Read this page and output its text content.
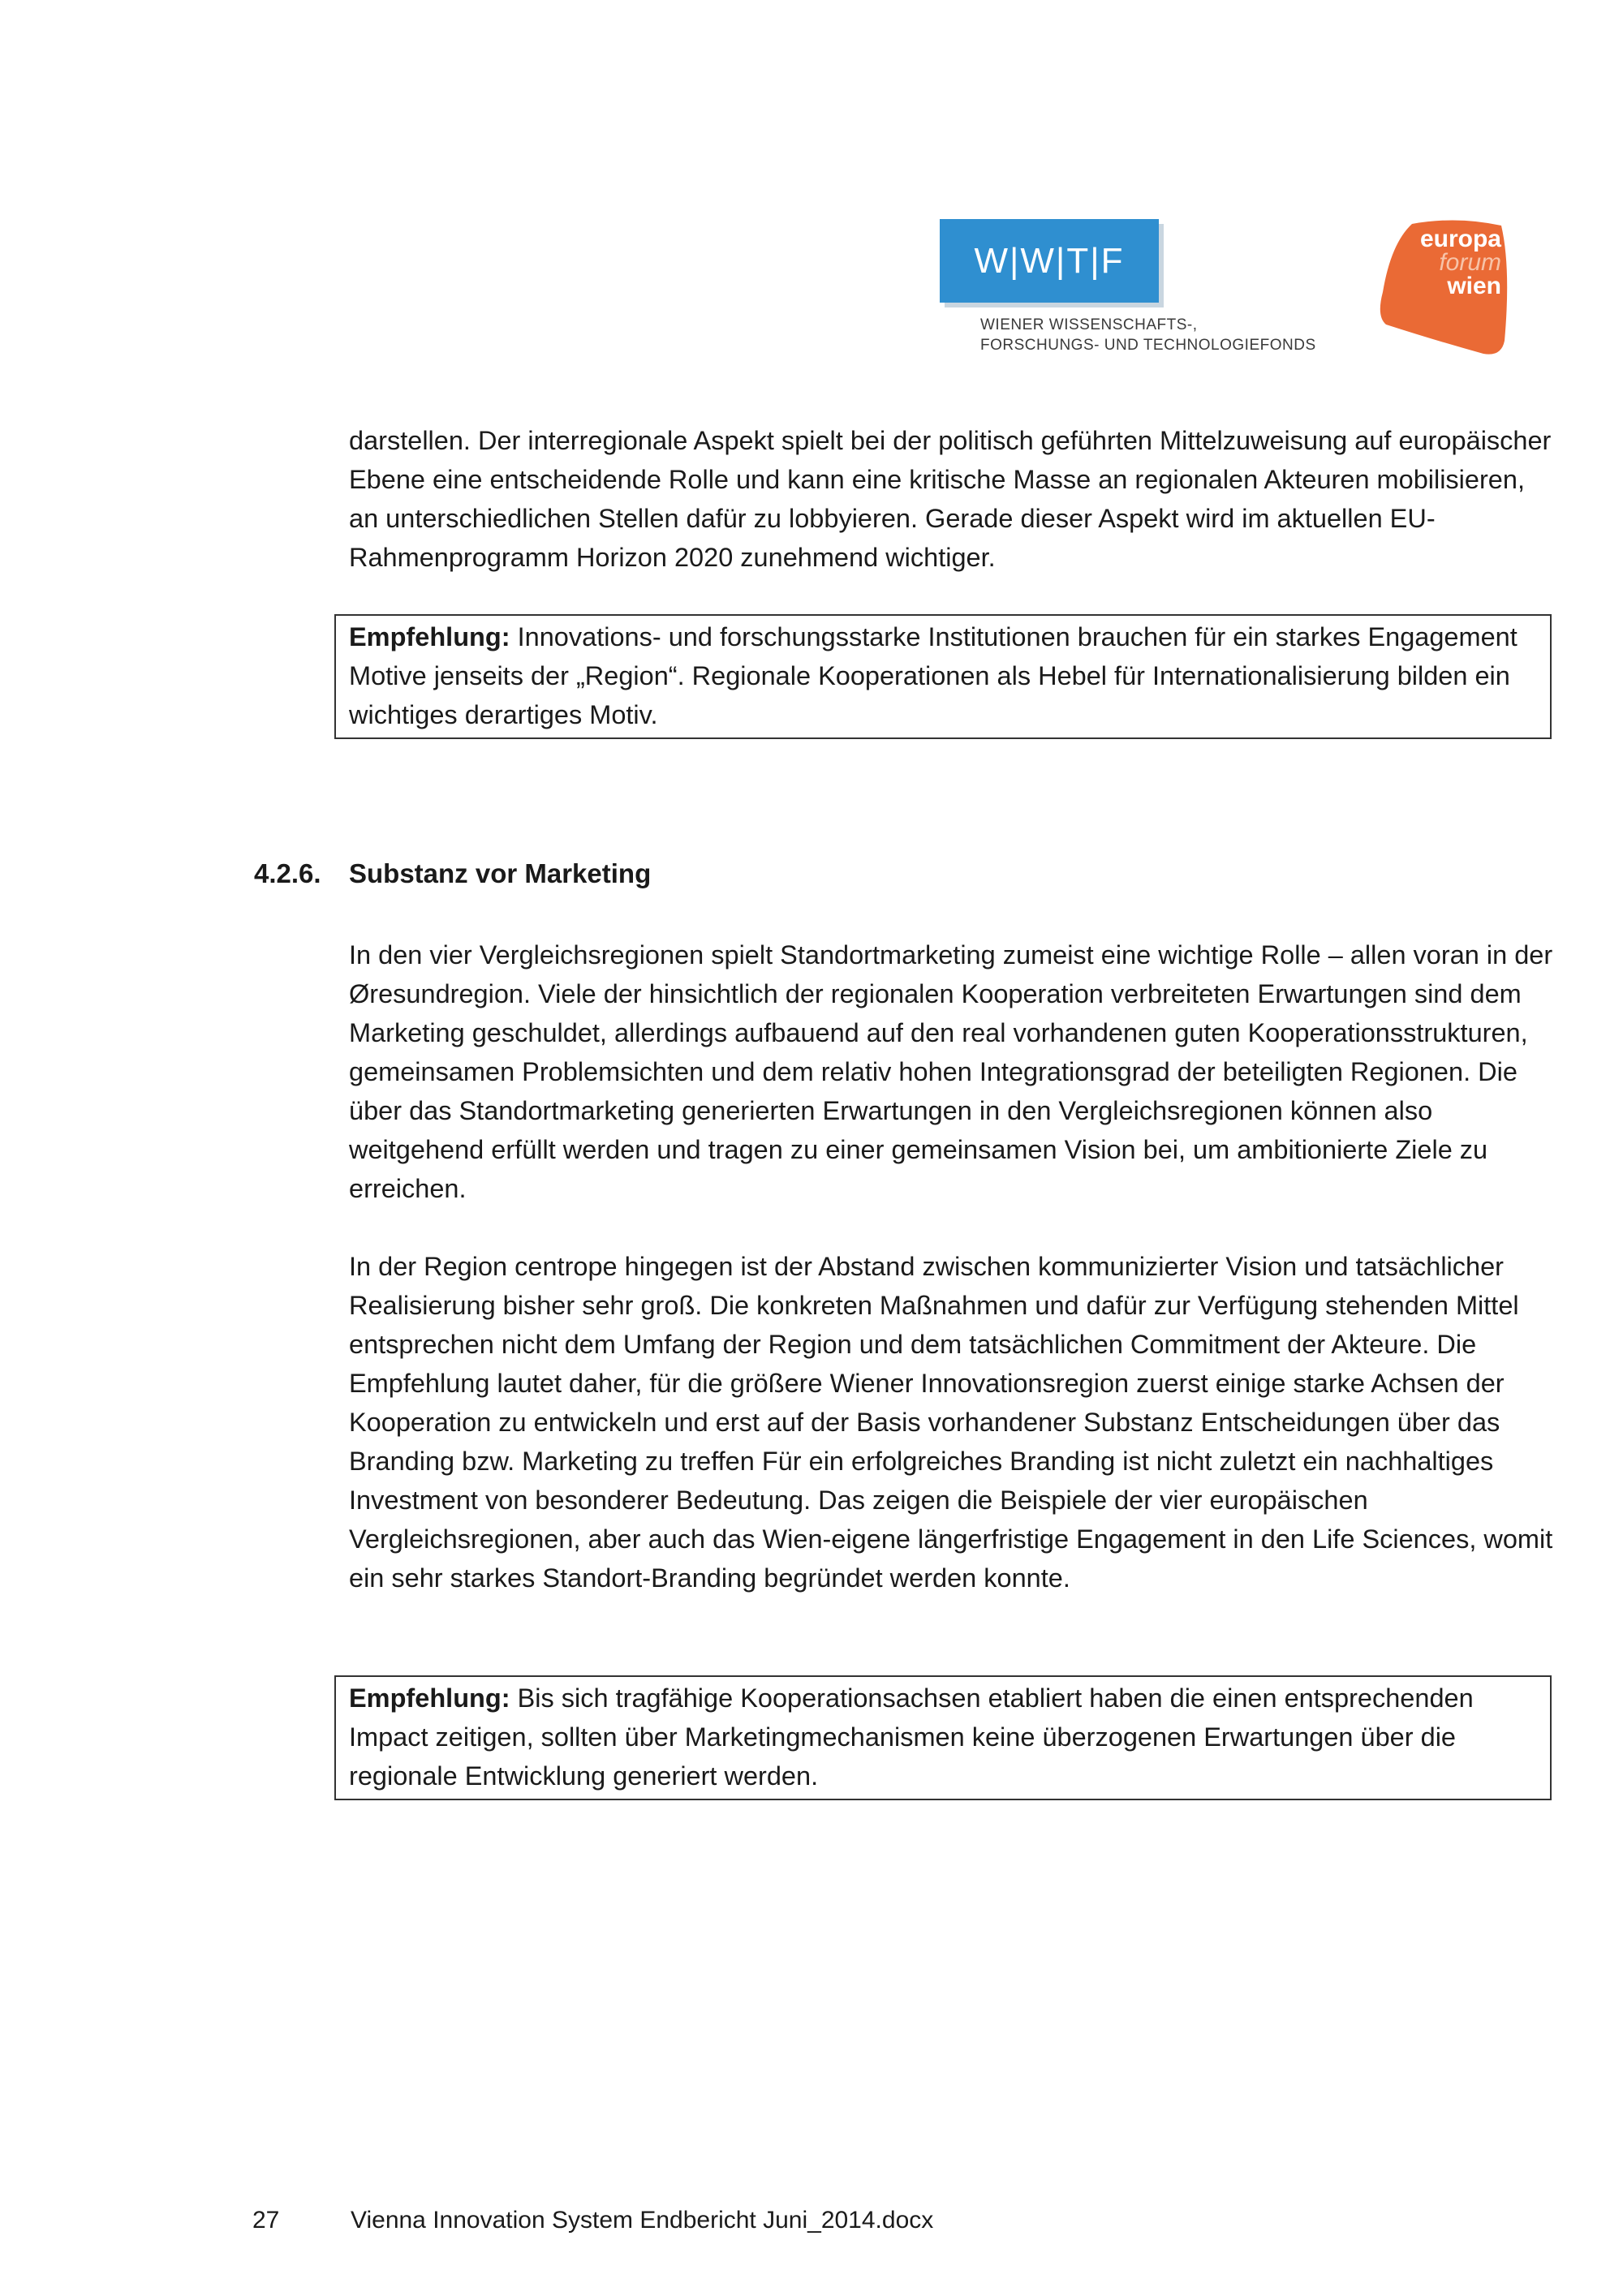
W|W|T|F
WIENER WISSENSCHAFTS-,
FORSCHUNGS- UND TECHNOLOGIEFONDS
europa
forum
wien

darstellen. Der interregionale Aspekt spielt bei der politisch geführten Mittelzuweisung auf europäischer Ebene eine entscheidende Rolle und kann eine kritische Masse an regionalen Akteuren mobilisieren, an unterschiedlichen Stellen dafür zu lobbyieren. Gerade dieser Aspekt wird im aktuellen EU-Rahmenprogramm Horizon 2020 zunehmend wichtiger.

Empfehlung: Innovations- und forschungsstarke Institutionen brauchen für ein starkes Engagement Motive jenseits der „Region“. Regionale Kooperationen als Hebel für Internationalisierung bilden ein wichtiges derartiges Motiv.
4.2.6. Substanz vor Marketing

In den vier Vergleichsregionen spielt Standortmarketing zumeist eine wichtige Rolle – allen voran in der Øresundregion. Viele der hinsichtlich der regionalen Kooperation verbreiteten Erwartungen sind dem Marketing geschuldet, allerdings aufbauend auf den real vorhandenen guten Kooperationsstrukturen, gemeinsamen Problemsichten und dem relativ hohen Integrationsgrad der beteiligten Regionen. Die über das Standortmarketing generierten Erwartungen in den Vergleichsregionen können also weitgehend erfüllt werden und tragen zu einer gemeinsamen Vision bei, um ambitionierte Ziele zu erreichen.

In der Region centrope hingegen ist der Abstand zwischen kommunizierter Vision und tatsächlicher Realisierung bisher sehr groß. Die konkreten Maßnahmen und dafür zur Verfügung stehenden Mittel entsprechen nicht dem Umfang der Region und dem tatsächlichen Commitment der Akteure. Die Empfehlung lautet daher, für die größere Wiener Innovationsregion zuerst einige starke Achsen der Kooperation zu entwickeln und erst auf der Basis vorhandener Substanz Entscheidungen über das Branding bzw. Marketing zu treffen Für ein erfolgreiches Branding ist nicht zuletzt ein nachhaltiges Investment von besonderer Bedeutung. Das zeigen die Beispiele der vier europäischen Vergleichsregionen, aber auch das Wien-eigene längerfristige Engagement in den Life Sciences, womit ein sehr starkes Standort-Branding begründet werden konnte.

Empfehlung: Bis sich tragfähige Kooperationsachsen etabliert haben die einen entsprechenden Impact zeitigen, sollten über Marketingmechanismen keine überzogenen Erwartungen über die regionale Entwicklung generiert werden.
27	Vienna Innovation System Endbericht Juni_2014.docx
